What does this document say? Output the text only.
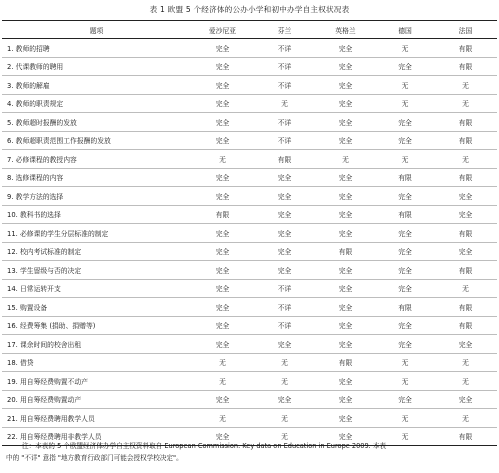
表 1 欧盟 5 个经济体的公办小学和初中办学自主权状况表
题项	爱沙尼亚	芬兰	英格兰	德国	法国
1. 教师的招聘	完全	不详	完全	无	有限
2. 代课教师的聘用	完全	不详	完全	完全	有限
3. 教师的解雇	完全	不详	完全	无	无
4. 教师的职责规定	完全	无	完全	无	无
5. 教师超时报酬的发放	完全	不详	完全	完全	有限
6. 教师超职责范围工作报酬的发放	完全	不详	完全	完全	有限
7. 必修课程的教授内容	无	有限	无	无	无
8. 选修课程的内容	完全	完全	完全	有限	有限
9. 教学方法的选择	完全	完全	完全	完全	完全
10. 教科书的选择	有限	完全	完全	有限	完全
11. 必修课的学生分层标准的制定	完全	完全	完全	完全	有限
12. 校内考试标准的制定	完全	完全	有限	完全	完全
13. 学生留级与否的决定	完全	完全	完全	完全	有限
14. 日常运转开支	完全	不详	完全	完全	无
15. 购置设备	完全	不详	完全	有限	有限
16. 经费筹集 (捐助、捐赠等)	完全	不详	完全	完全	有限
17. 课余时间的校舍出租	完全	完全	完全	完全	完全
18. 借贷	无	无	有限	无	无
19. 用自筹经费购置不动产	无	无	完全	无	无
20. 用自筹经费购置动产	完全	完全	完全	完全	完全
21. 用自筹经费聘用教学人员	无	无	完全	无	无
22. 用自筹经费聘用非教学人员	完全	无	完全	无	有限
注：本表的 5 个欧盟经济体办学自主权资料取自 European Commission. Key data on Education in Europe 2009. 本表
中的 "不详" 意指 "地方教育行政部门可能会授权学校决定"。
